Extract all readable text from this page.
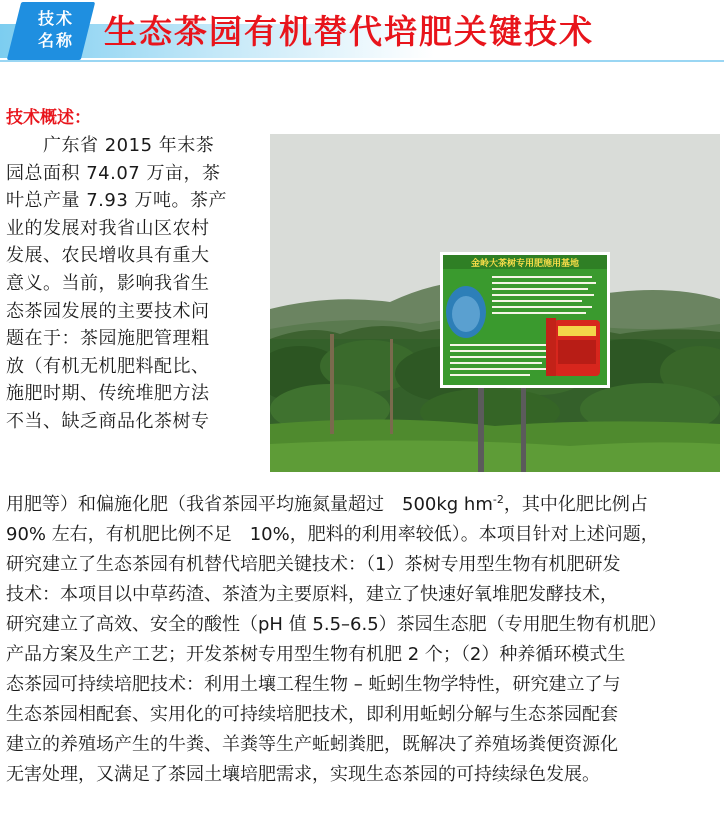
技术
名称 生态茶园有机替代培肥关键技术
技术概述：
金岭大茶树专用肥施用基地
　　广东省 2015 年末茶
园总面积 74.07 万亩，茶
叶总产量 7.93 万吨。茶产
业的发展对我省山区农村
发展、农民增收具有重大
意义。当前，影响我省生
态茶园发展的主要技术问
题在于：茶园施肥管理粗
放（有机无机肥料配比、
施肥时期、传统堆肥方法
不当、缺乏商品化茶树专
用肥等）和偏施化肥（我省茶园平均施氮量超过　500kg $hm^{-2}$，其中化肥比例占
90% 左右，有机肥比例不足　10%，肥料的利用率较低）。本项目针对上述问题，
研究建立了生态茶园有机替代培肥关键技术：（1）茶树专用型生物有机肥研发
技术：本项目以中草药渣、茶渣为主要原料，建立了快速好氧堆肥发酵技术，
研究建立了高效、安全的酸性（pH 值 5.5–6.5）茶园生态肥（专用肥生物有机肥）
产品方案及生产工艺；开发茶树专用型生物有机肥 2 个；（2）种养循环模式生
态茶园可持续培肥技术：利用土壤工程生物 – 蚯蚓生物学特性，研究建立了与
生态茶园相配套、实用化的可持续培肥技术，即利用蚯蚓分解与生态茶园配套
建立的养殖场产生的牛粪、羊粪等生产蚯蚓粪肥，既解决了养殖场粪便资源化
无害处理，又满足了茶园土壤培肥需求，实现生态茶园的可持续绿色发展。
